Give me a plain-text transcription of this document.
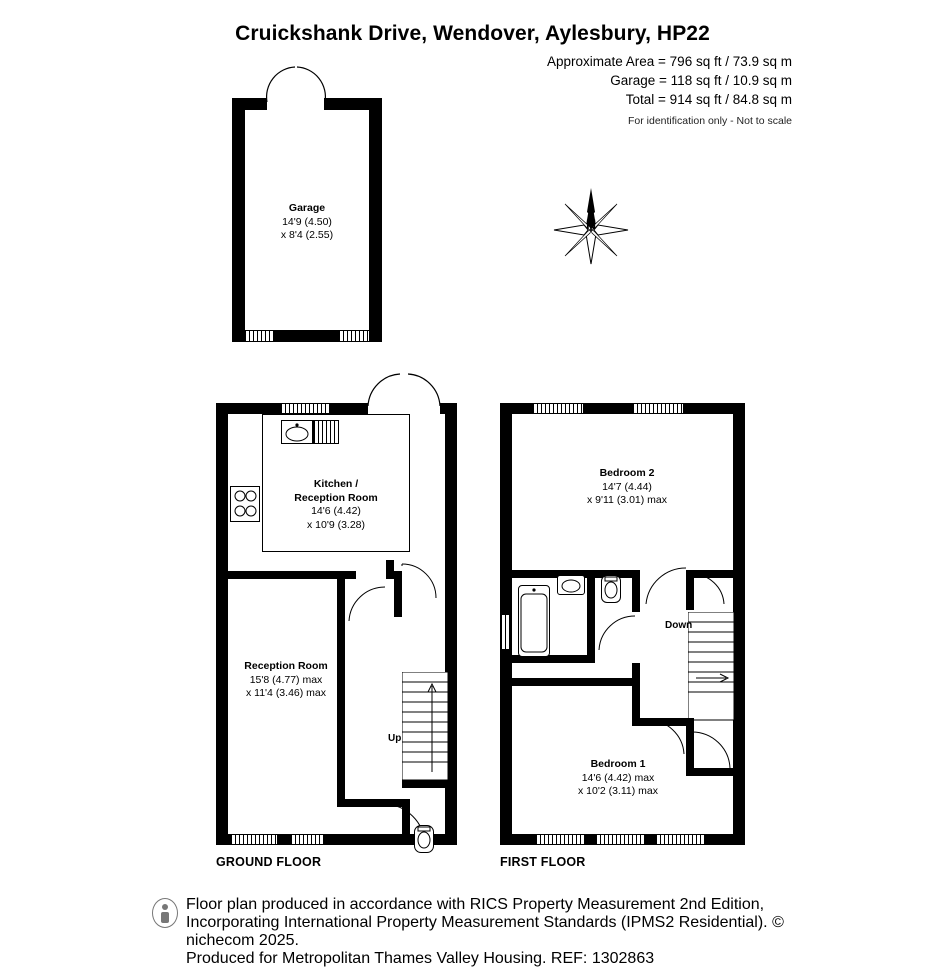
Cruickshank Drive, Wendover, Aylesbury, HP22
Approximate Area = 796 sq ft / 73.9 sq m
Garage = 118 sq ft / 10.9 sq m
Total = 914 sq ft / 84.8 sq m
For identification only - Not to scale
N
Garage
14'9 (4.50)
x 8'4 (2.55)
Kitchen /
Reception Room
14'6 (4.42)
x 10'9 (3.28)
Reception Room
15'8 (4.77) max
x 11'4 (3.46) max
Up
GROUND FLOOR
Bedroom 2
14'7 (4.44)
x 9'11 (3.01) max
Down
Bedroom 1
14'6 (4.42) max
x 10'2 (3.11) max
FIRST FLOOR
Floor plan produced in accordance with RICS Property Measurement 2nd Edition,
Incorporating International Property Measurement Standards (IPMS2 Residential). © nichecom 2025.
Produced for Metropolitan Thames Valley Housing. REF: 1302863
